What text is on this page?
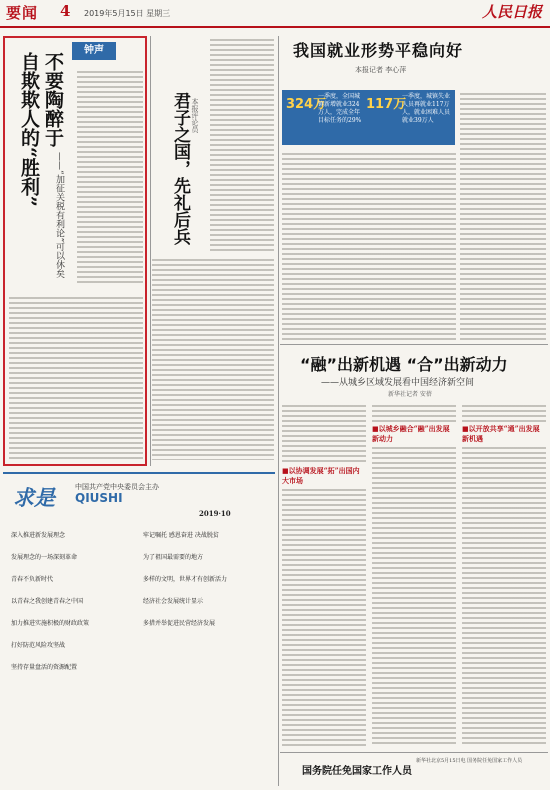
要闻 4 2019年5月15日 星期三	人民日报
钟声
不要陶醉于
自欺欺人的“胜利”
——“加征关税有利论”可以休矣	君子之国，先礼后兵 本报评论员
我国就业形势平稳向好
本报记者 李心萍
324万
一季度，全国城镇新增就业324万人，完成全年目标任务的29%
117万
一季度，城镇失业人员再就业117万人，就业困难人员就业39万人
“融”出新机遇 “合”出新动力
——从城乡区域发展看中国经济新空间
新华社记者 安蓓
■以协调发展“拓”出国内大市场
■以城乡融合“融”出发展新动力
■以开放共享“通”出发展新机遇
求是	中国共产党中央委员会主办
QIUSHI
2019·10
深入推进新发展理念
发展理念的一场深刻革命
青春不负新时代
以青春之我创建青春之中国
加力推进实施积极的财政政策
打好防范风险攻坚战
坚持存量盘活的资源配置
牢记嘱托 感恩奋进 决战脱贫
为了祖国最需要的地方
多样的文明，世界才有创新活力
经济社会发展统计显示
多措并举促进民营经济发展
国务院任免国家工作人员
新华社北京5月15日电 国务院任免国家工作人员
